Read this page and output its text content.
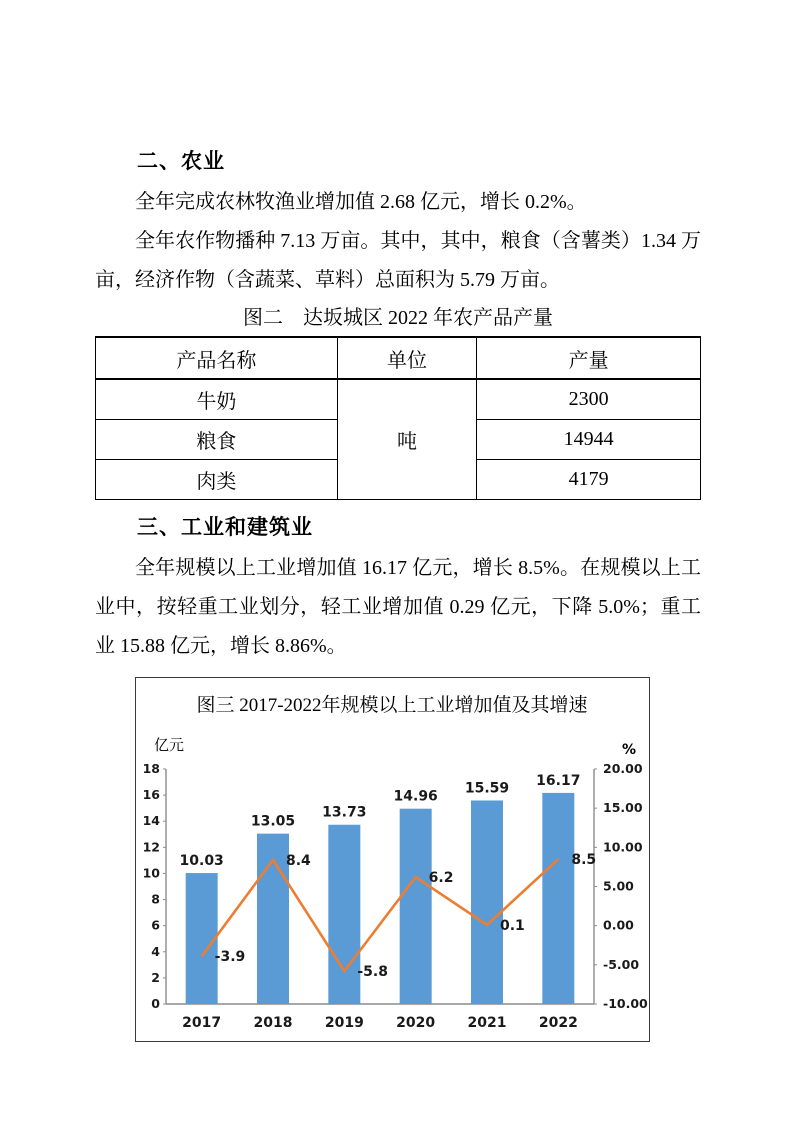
二、农业

全年完成农林牧渔业增加值 2.68 亿元，增长 0.2%。

全年农作物播种 7.13 万亩。其中，其中，粮食（含薯类）1.34 万亩，经济作物（含蔬菜、草料）总面积为 5.79 万亩。

图二　达坂城区 2022 年农产品产量
产品名称	单位	产量
牛奶	吨	2300
粮食		14944
肉类		4179
三、工业和建筑业

全年规模以上工业增加值 16.17 亿元，增长 8.5%。在规模以上工业中，按轻重工业划分，轻工业增加值 0.29 亿元，下降 5.0%；重工业 15.88 亿元，增长 8.86%。

图三 2017-2022年规模以上工业增加值及其增速
亿元	%
0
2
4
6
8
10
12
14
16
18
-10.00
-5.00
0.00
5.00
10.00
15.00
20.00
10.03
13.05
13.73
14.96
15.59 16.17
-3.9
8.4
-5.8
6.2
0.1
8.5
2017 2018 2019 2020 2021 2022
